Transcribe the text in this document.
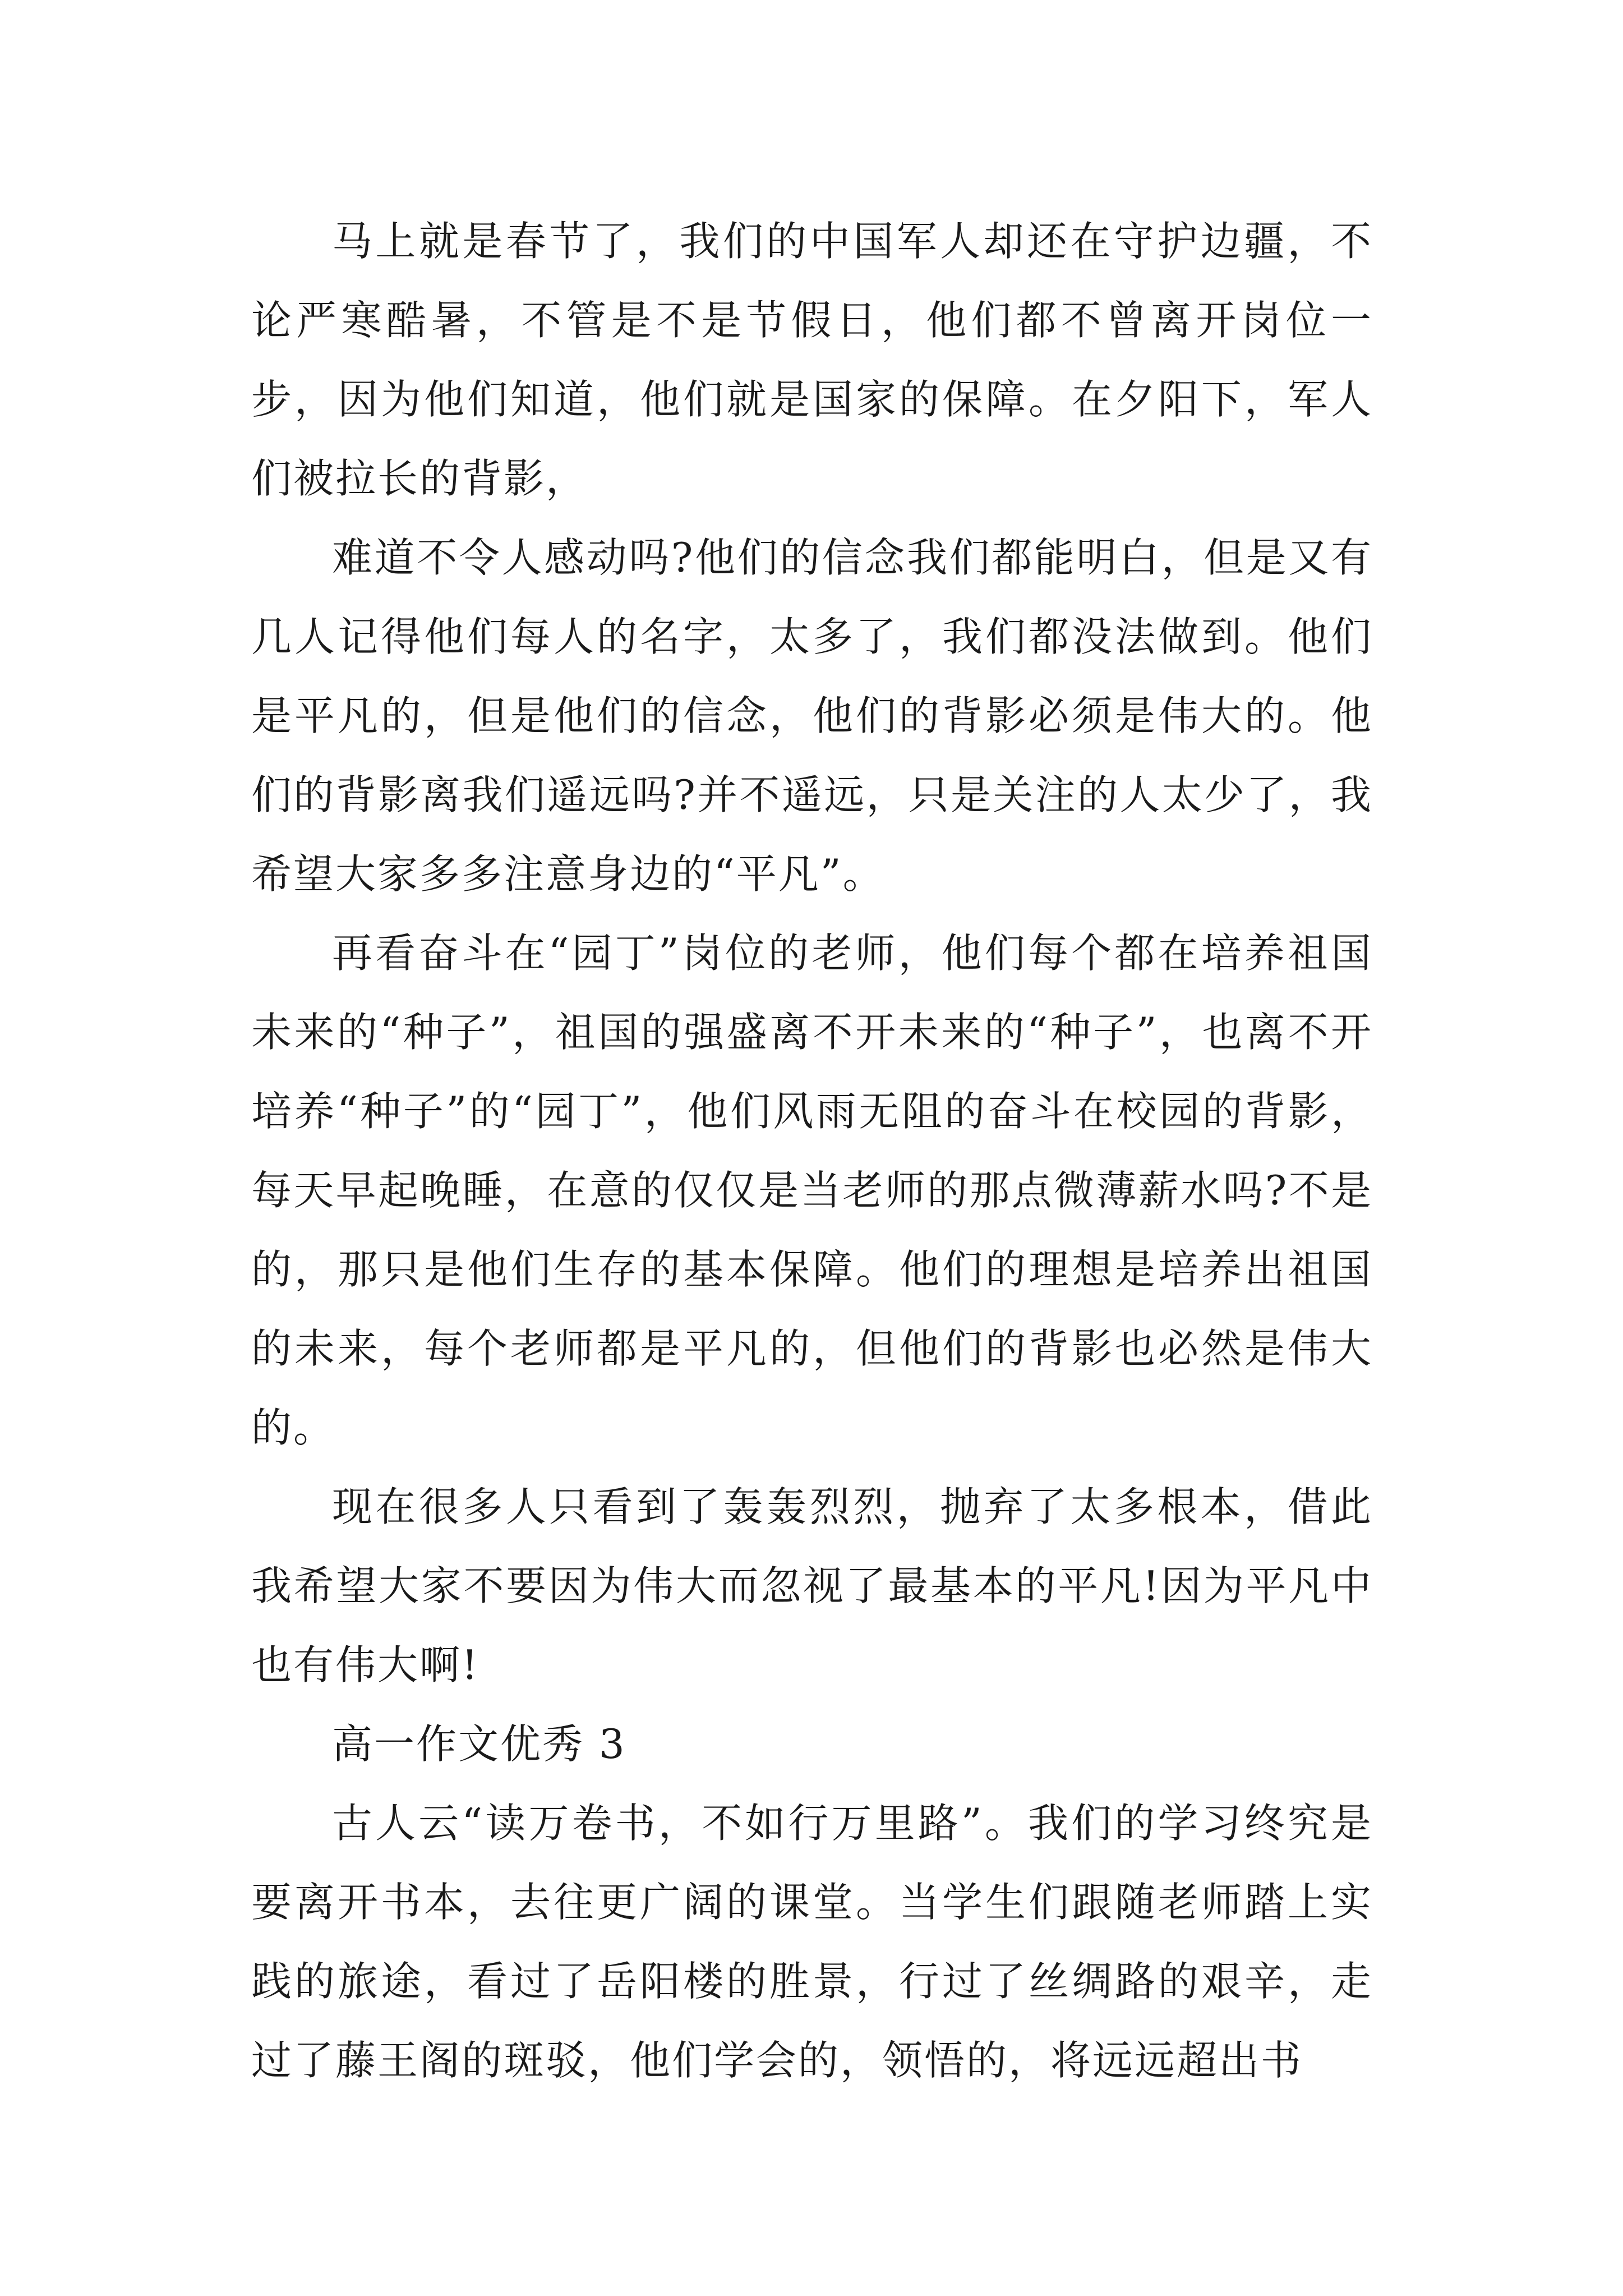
马上就是春节了，我们的中国军人却还在守护边疆，不论严寒酷暑，不管是不是节假日，他们都不曾离开岗位一步，因为他们知道，他们就是国家的保障。在夕阳下，军人们被拉长的背影，

难道不令人感动吗?他们的信念我们都能明白，但是又有几人记得他们每人的名字，太多了，我们都没法做到。他们是平凡的，但是他们的信念，他们的背影必须是伟大的。他们的背影离我们遥远吗?并不遥远，只是关注的人太少了，我希望大家多多注意身边的“平凡”。

再看奋斗在“园丁”岗位的老师，他们每个都在培养祖国未来的“种子”，祖国的强盛离不开未来的“种子”，也离不开培养“种子”的“园丁”，他们风雨无阻的奋斗在校园的背影，每天早起晚睡，在意的仅仅是当老师的那点微薄薪水吗?不是的，那只是他们生存的基本保障。他们的理想是培养出祖国的未来，每个老师都是平凡的，但他们的背影也必然是伟大的。

现在很多人只看到了轰轰烈烈，抛弃了太多根本，借此我希望大家不要因为伟大而忽视了最基本的平凡!因为平凡中也有伟大啊!

高一作文优秀 3

古人云“读万卷书，不如行万里路”。我们的学习终究是要离开书本，去往更广阔的课堂。当学生们跟随老师踏上实践的旅途，看过了岳阳楼的胜景，行过了丝绸路的艰辛，走过了藤王阁的斑驳，他们学会的，领悟的，将远远超出书
